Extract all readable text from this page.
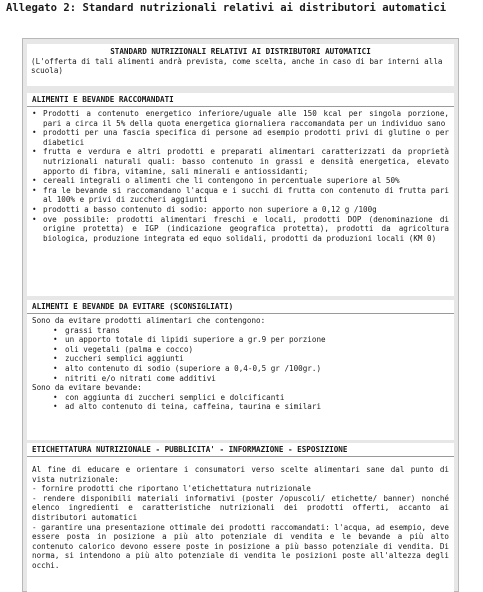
Allegato 2: Standard nutrizionali relativi ai distributori automatici
STANDARD NUTRIZIONALI RELATIVI AI DISTRIBUTORI AUTOMATICI
(L'offerta di tali alimenti andrà prevista, come scelta, anche in caso di bar interni alla scuola)
ALIMENTI E BEVANDE RACCOMANDATI
• Prodotti a contenuto energetico inferiore/uguale alle 150 kcal per singola porzione, pari a circa il 5% della quota energetica giornaliera raccomandata per un individuo sano
• prodotti per una fascia specifica di persone ad esempio prodotti privi di glutine o per diabetici
• frutta e verdura e altri prodotti e preparati alimentari caratterizzati da proprietà nutrizionali naturali quali: basso contenuto in grassi e densità energetica, elevato apporto di fibra, vitamine, sali minerali e antiossidanti;
• cereali integrali o alimenti che li contengono in percentuale superiore al 50%
• fra le bevande si raccomandano l'acqua e i succhi di frutta con contenuto di frutta pari al 100% e privi di zuccheri aggiunti
• prodotti a basso contenuto di sodio: apporto non superiore a 0,12 g /100g
• ove possibile: prodotti alimentari freschi e locali, prodotti DOP (denominazione di origine protetta) e IGP (indicazione geografica protetta), prodotti da agricoltura biologica, produzione integrata ed equo solidali, prodotti da produzioni locali (KM 0)
ALIMENTI E BEVANDE DA EVITARE (SCONSIGLIATI)
Sono da evitare prodotti alimentari che contengono:
• grassi trans
• un apporto totale di lipidi superiore a gr.9 per porzione
• oli vegetali (palma e cocco)
• zuccheri semplici aggiunti
• alto contenuto di sodio (superiore a 0,4-0,5 gr /100gr.)
• nitriti e/o nitrati come additivi
Sono da evitare bevande:
• con aggiunta di zuccheri semplici e dolcificanti
• ad alto contenuto di teina, caffeina, taurina e similari
ETICHETTATURA NUTRIZIONALE - PUBBLICITA' - INFORMAZIONE - ESPOSIZIONE
Al fine di educare e orientare i consumatori verso scelte alimentari sane dal punto di vista nutrizionale:
- fornire prodotti che riportano l'etichettatura nutrizionale
- rendere disponibili materiali informativi (poster /opuscoli/ etichette/ banner) nonché elenco ingredienti e caratteristiche nutrizionali dei prodotti offerti, accanto ai distributori automatici
- garantire una presentazione ottimale dei prodotti raccomandati: l'acqua, ad esempio, deve essere posta in posizione a più alto potenziale di vendita e le bevande a più alto contenuto calorico devono essere poste in posizione a più basso potenziale di vendita. Di norma, si intendono a più alto potenziale di vendita le posizioni poste all'altezza degli occhi.
